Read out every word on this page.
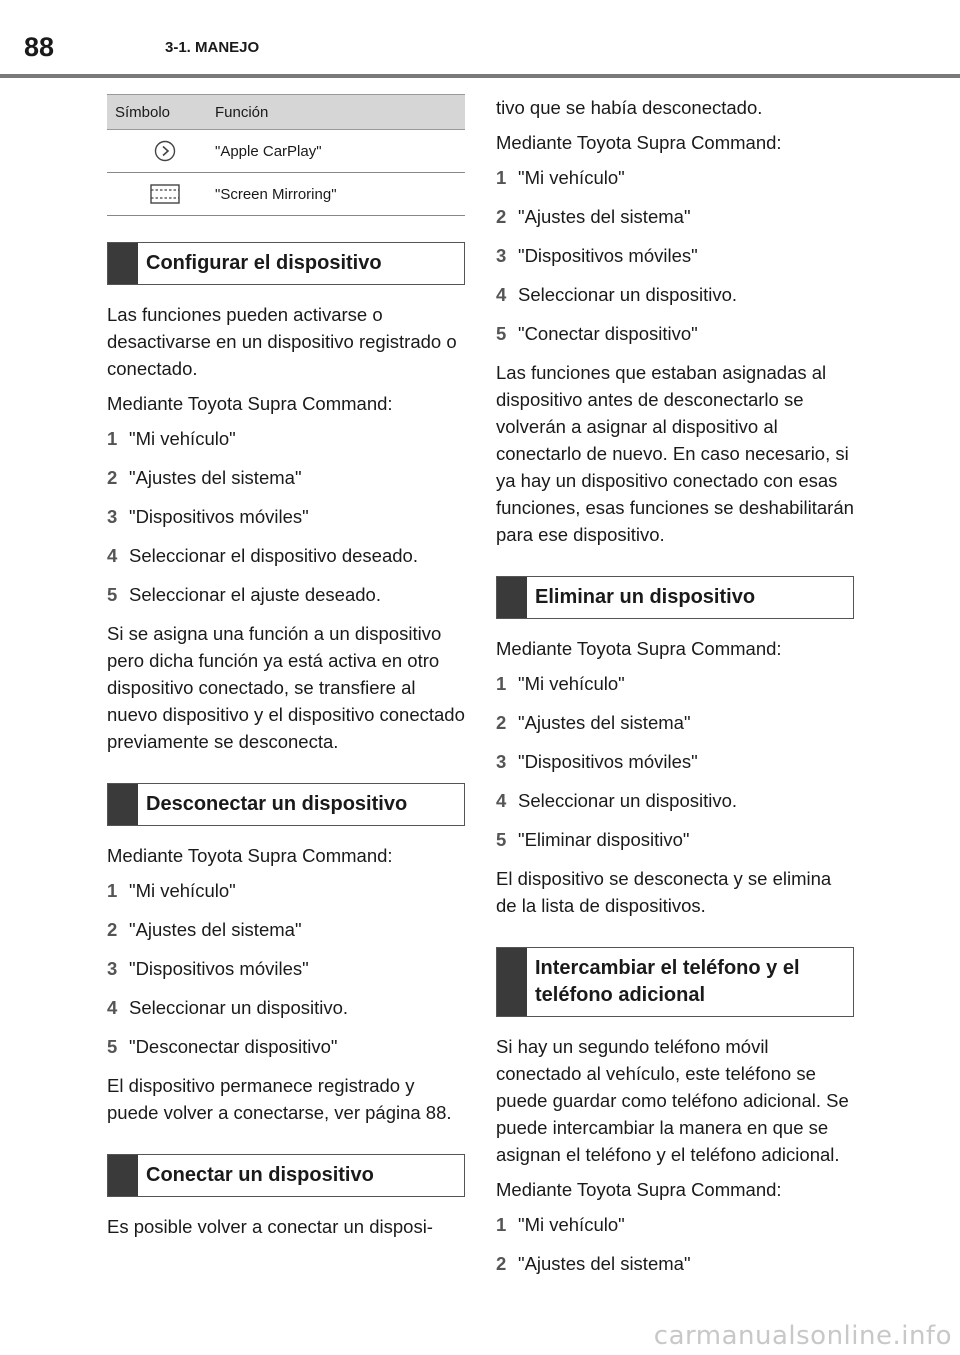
88	3-1. MANEJO
Símbolo	Función
	"Apple CarPlay"
	"Screen Mirroring"
Configurar el dispositivo

Las funciones pueden activarse o desactivarse en un dispositivo registrado o conectado.

Mediante Toyota Supra Command:

1 "Mi vehículo"
2 "Ajustes del sistema"
3 "Dispositivos móviles"
4 Seleccionar el dispositivo deseado.
5 Seleccionar el ajuste deseado.

Si se asigna una función a un dispositivo pero dicha función ya está activa en otro dispositivo conectado, se transfiere al nuevo dispositivo y el dispositivo conectado previamente se desconecta.

Desconectar un dispositivo

Mediante Toyota Supra Command:

1 "Mi vehículo"
2 "Ajustes del sistema"
3 "Dispositivos móviles"
4 Seleccionar un dispositivo.
5 "Desconectar dispositivo"

El dispositivo permanece registrado y puede volver a conectarse, ver página 88.

Conectar un dispositivo

Es posible volver a conectar un disposi-

tivo que se había desconectado.

Mediante Toyota Supra Command:

1 "Mi vehículo"
2 "Ajustes del sistema"
3 "Dispositivos móviles"
4 Seleccionar un dispositivo.
5 "Conectar dispositivo"

Las funciones que estaban asignadas al dispositivo antes de desconectarlo se volverán a asignar al dispositivo al conectarlo de nuevo. En caso necesario, si ya hay un dispositivo conectado con esas funciones, esas funciones se deshabilitarán para ese dispositivo.

Eliminar un dispositivo

Mediante Toyota Supra Command:

1 "Mi vehículo"
2 "Ajustes del sistema"
3 "Dispositivos móviles"
4 Seleccionar un dispositivo.
5 "Eliminar dispositivo"

El dispositivo se desconecta y se elimina de la lista de dispositivos.

Intercambiar el teléfono y el teléfono adicional

Si hay un segundo teléfono móvil conectado al vehículo, este teléfono se puede guardar como teléfono adicional. Se puede intercambiar la manera en que se asignan el teléfono y el teléfono adicional.

Mediante Toyota Supra Command:

1 "Mi vehículo"
2 "Ajustes del sistema"
carmanualsonline.info
